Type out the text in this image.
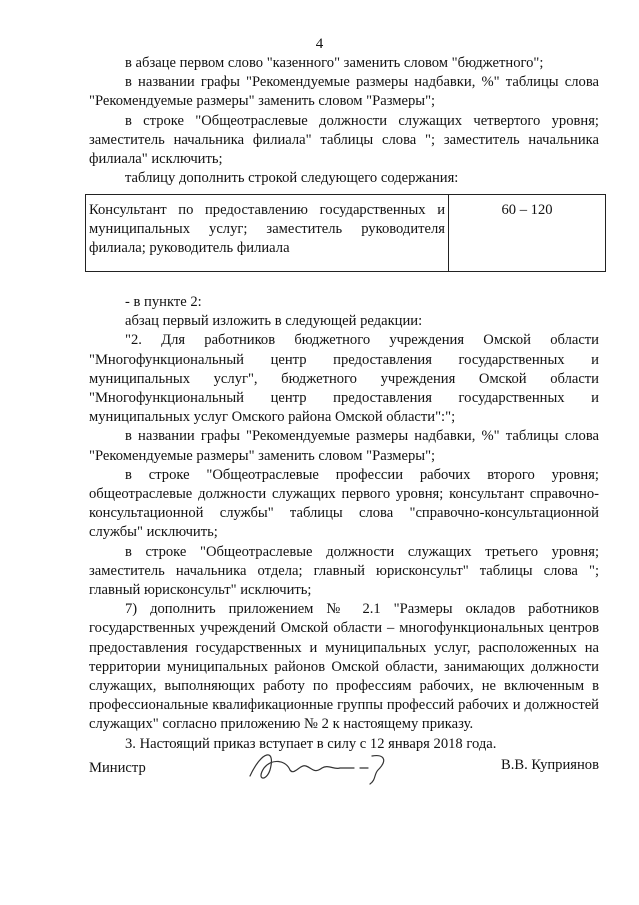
4
в абзаце первом слово "казенного" заменить словом "бюджетного";
в названии графы "Рекомендуемые размеры надбавки, %" таблицы слова "Рекомендуемые размеры" заменить словом "Размеры";
в строке "Общеотраслевые должности служащих четвертого уровня; заместитель начальника филиала" таблицы слова "; заместитель начальника филиала" исключить;
таблицу дополнить строкой следующего содержания:
Консультант по предоставлению государственных и муниципальных услуг; заместитель руководителя филиала; руководитель филиала	60 – 120
- в пункте 2:
абзац первый изложить в следующей редакции:
"2. Для работников бюджетного учреждения Омской области "Многофункциональный центр предоставления государственных и муниципальных услуг", бюджетного учреждения Омской области "Многофункциональный центр предоставления государственных и муниципальных услуг Омского района Омской области":";
в названии графы "Рекомендуемые размеры надбавки, %" таблицы слова "Рекомендуемые размеры" заменить словом "Размеры";
в строке "Общеотраслевые профессии рабочих второго уровня; общеотраслевые должности служащих первого уровня; консультант справочно-консультационной службы" таблицы слова "справочно-консультационной службы" исключить;
в строке "Общеотраслевые должности служащих третьего уровня; заместитель начальника отдела; главный юрисконсульт" таблицы слова "; главный юрисконсульт" исключить;
7) дополнить приложением № 2.1 "Размеры окладов работников государственных учреждений Омской области – многофункциональных центров предоставления государственных и муниципальных услуг, расположенных на территории муниципальных районов Омской области, занимающих должности служащих, выполняющих работу по профессиям рабочих, не включенным в профессиональные квалификационные группы профессий рабочих и должностей служащих" согласно приложению № 2 к настоящему приказу.
3. Настоящий приказ вступает в силу с 12 января 2018 года.
Министр	В.В. Куприянов
